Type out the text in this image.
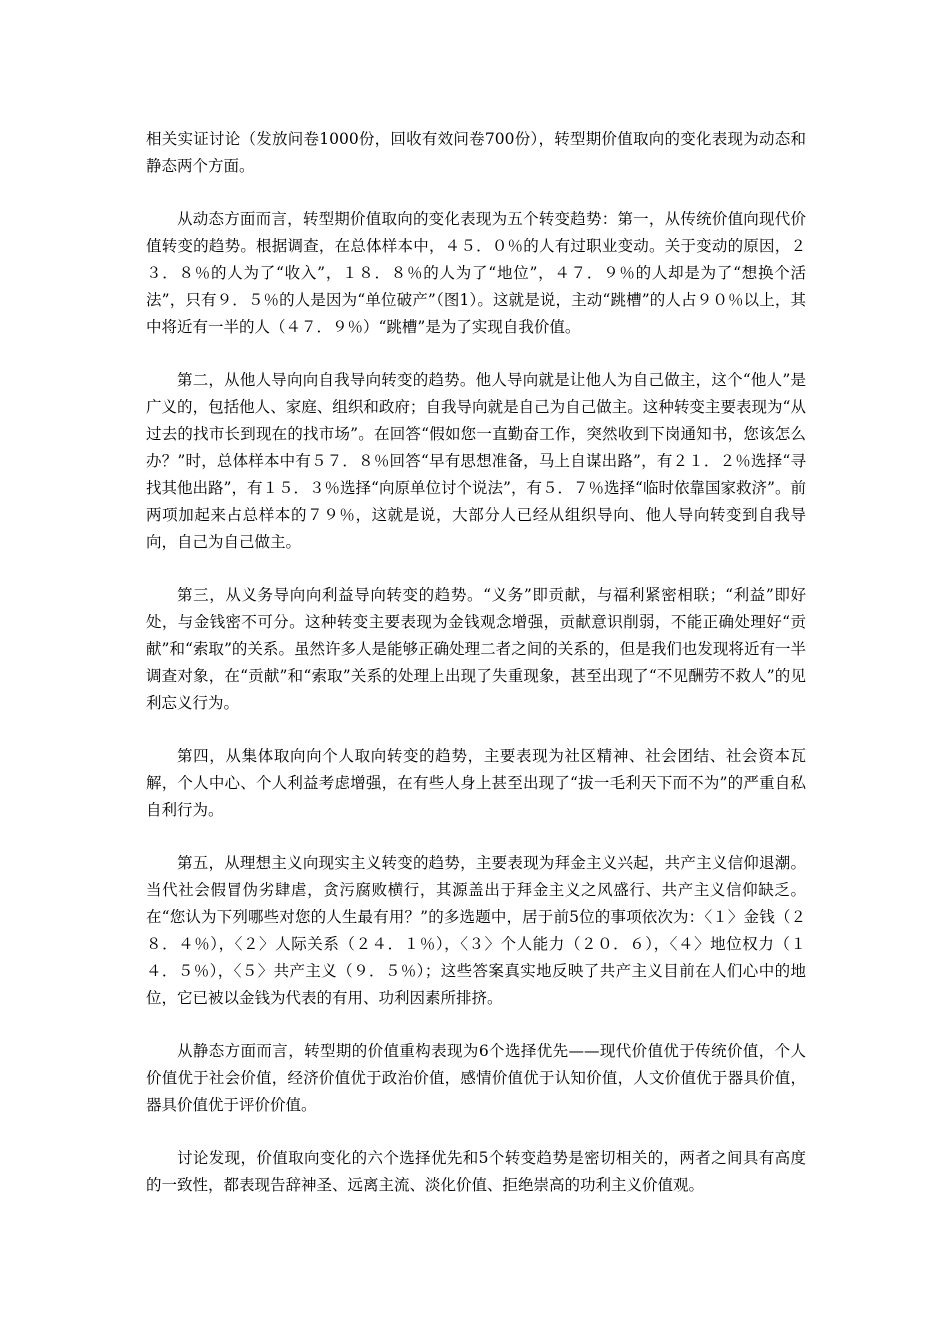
相关实证讨论（发放问卷1000份，回收有效问卷700份），转型期价值取向的变化表现为动态和静态两个方面。

从动态方面而言，转型期价值取向的变化表现为五个转变趋势：第一，从传统价值向现代价值转变的趋势。根据调查，在总体样本中，４５．０％的人有过职业变动。关于变动的原因，２３．８％的人为了“收入”，１８．８％的人为了“地位”，４７．９％的人却是为了“想换个活法”，只有９．５％的人是因为“单位破产”（图1）。这就是说，主动“跳槽”的人占９０％以上，其中将近有一半的人（４７．９％）“跳槽”是为了实现自我价值。

第二，从他人导向向自我导向转变的趋势。他人导向就是让他人为自己做主，这个“他人”是广义的，包括他人、家庭、组织和政府；自我导向就是自己为自己做主。这种转变主要表现为“从过去的找市长到现在的找市场”。在回答“假如您一直勤奋工作，突然收到下岗通知书，您该怎么办？”时，总体样本中有５７．８％回答“早有思想准备，马上自谋出路”，有２１．２％选择“寻找其他出路”，有１５．３％选择“向原单位讨个说法”，有５．７％选择“临时依靠国家救济”。前两项加起来占总样本的７９％，这就是说，大部分人已经从组织导向、他人导向转变到自我导向，自己为自己做主。

第三，从义务导向向利益导向转变的趋势。“义务”即贡献，与福利紧密相联；“利益”即好处，与金钱密不可分。这种转变主要表现为金钱观念增强，贡献意识削弱，不能正确处理好“贡献”和“索取”的关系。虽然许多人是能够正确处理二者之间的关系的，但是我们也发现将近有一半调查对象，在“贡献”和“索取”关系的处理上出现了失重现象，甚至出现了“不见酬劳不救人”的见利忘义行为。

第四，从集体取向向个人取向转变的趋势，主要表现为社区精神、社会团结、社会资本瓦解，个人中心、个人利益考虑增强，在有些人身上甚至出现了“拔一毛利天下而不为”的严重自私自利行为。

第五，从理想主义向现实主义转变的趋势，主要表现为拜金主义兴起，共产主义信仰退潮。当代社会假冒伪劣肆虐，贪污腐败横行，其源盖出于拜金主义之风盛行、共产主义信仰缺乏。在“您认为下列哪些对您的人生最有用？”的多选题中，居于前5位的事项依次为：〈１〉金钱（２８．４％），〈２〉人际关系（２４．１％），〈３〉个人能力（２０．６），〈４〉地位权力（１４．５％），〈５〉共产主义（９．５％）；这些答案真实地反映了共产主义目前在人们心中的地位，它已被以金钱为代表的有用、功利因素所排挤。

从静态方面而言，转型期的价值重构表现为6个选择优先——现代价值优于传统价值，个人价值优于社会价值，经济价值优于政治价值，感情价值优于认知价值，人文价值优于器具价值，器具价值优于评价价值。

讨论发现，价值取向变化的六个选择优先和5个转变趋势是密切相关的，两者之间具有高度的一致性，都表现告辞神圣、远离主流、淡化价值、拒绝崇高的功利主义价值观。
